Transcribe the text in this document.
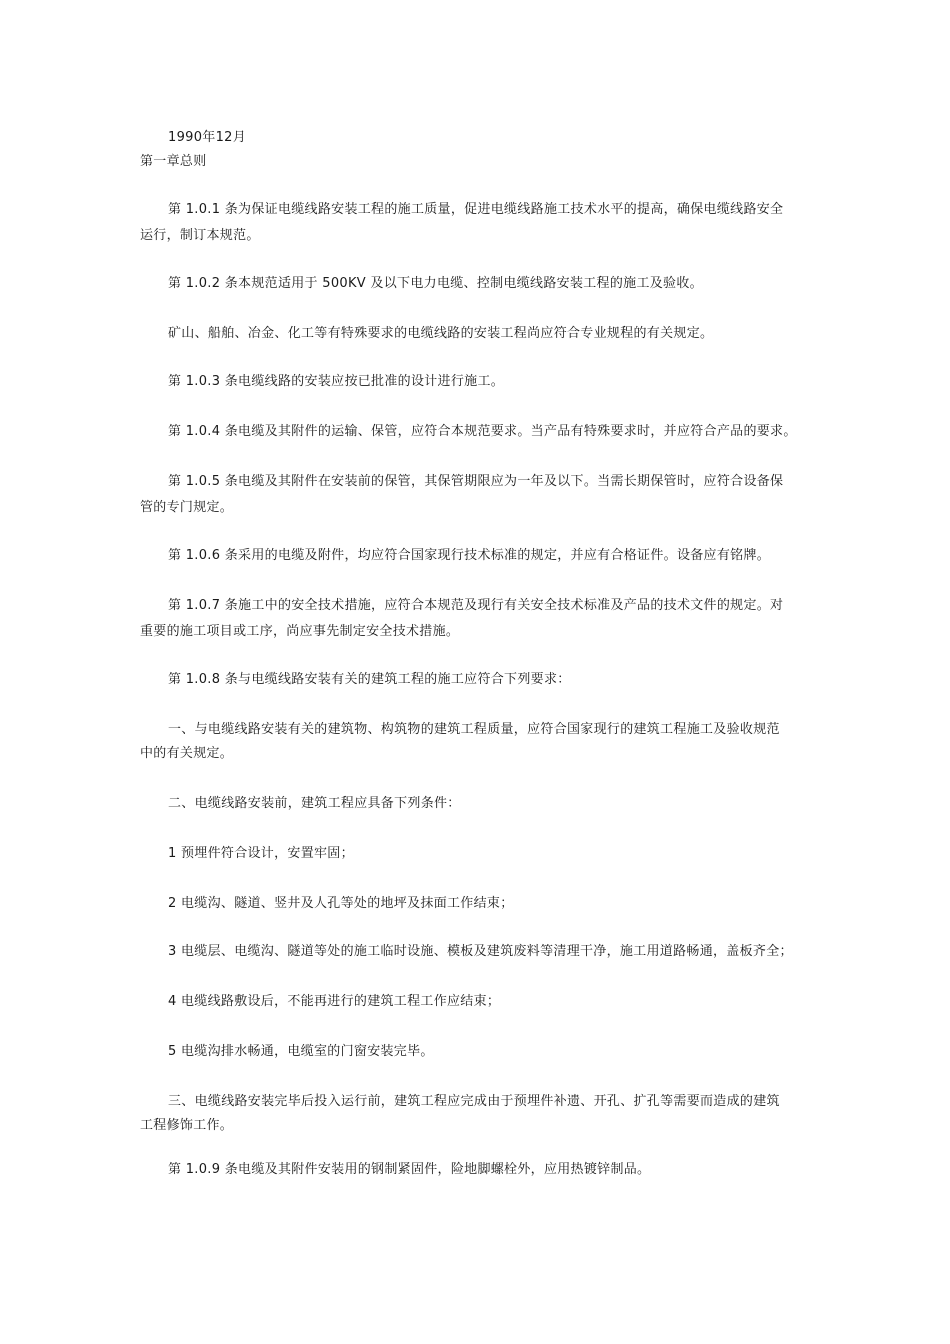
1990年12月
第一章总则
第 1.0.1 条为保证电缆线路安装工程的施工质量，促进电缆线路施工技术水平的提高，确保电缆线路安全
运行，制订本规范。
第 1.0.2 条本规范适用于 500KV 及以下电力电缆、控制电缆线路安装工程的施工及验收。
矿山、船舶、冶金、化工等有特殊要求的电缆线路的安装工程尚应符合专业规程的有关规定。
第 1.0.3 条电缆线路的安装应按已批准的设计进行施工。
第 1.0.4 条电缆及其附件的运输、保管，应符合本规范要求。当产品有特殊要求时，并应符合产品的要求。
第 1.0.5 条电缆及其附件在安装前的保管，其保管期限应为一年及以下。当需长期保管时，应符合设备保
管的专门规定。
第 1.0.6 条采用的电缆及附件，均应符合国家现行技术标准的规定，并应有合格证件。设备应有铭牌。
第 1.0.7 条施工中的安全技术措施，应符合本规范及现行有关安全技术标准及产品的技术文件的规定。对
重要的施工项目或工序，尚应事先制定安全技术措施。
第 1.0.8 条与电缆线路安装有关的建筑工程的施工应符合下列要求：
一、与电缆线路安装有关的建筑物、构筑物的建筑工程质量，应符合国家现行的建筑工程施工及验收规范
中的有关规定。
二、电缆线路安装前，建筑工程应具备下列条件：
1 预埋件符合设计，安置牢固；
2 电缆沟、隧道、竖井及人孔等处的地坪及抹面工作结束；
3 电缆层、电缆沟、隧道等处的施工临时设施、模板及建筑废料等清理干净，施工用道路畅通，盖板齐全；
4 电缆线路敷设后，不能再进行的建筑工程工作应结束；
5 电缆沟排水畅通，电缆室的门窗安装完毕。
三、电缆线路安装完毕后投入运行前，建筑工程应完成由于预埋件补遗、开孔、扩孔等需要而造成的建筑
工程修饰工作。
第 1.0.9 条电缆及其附件安装用的钢制紧固件，险地脚螺栓外，应用热镀锌制品。
